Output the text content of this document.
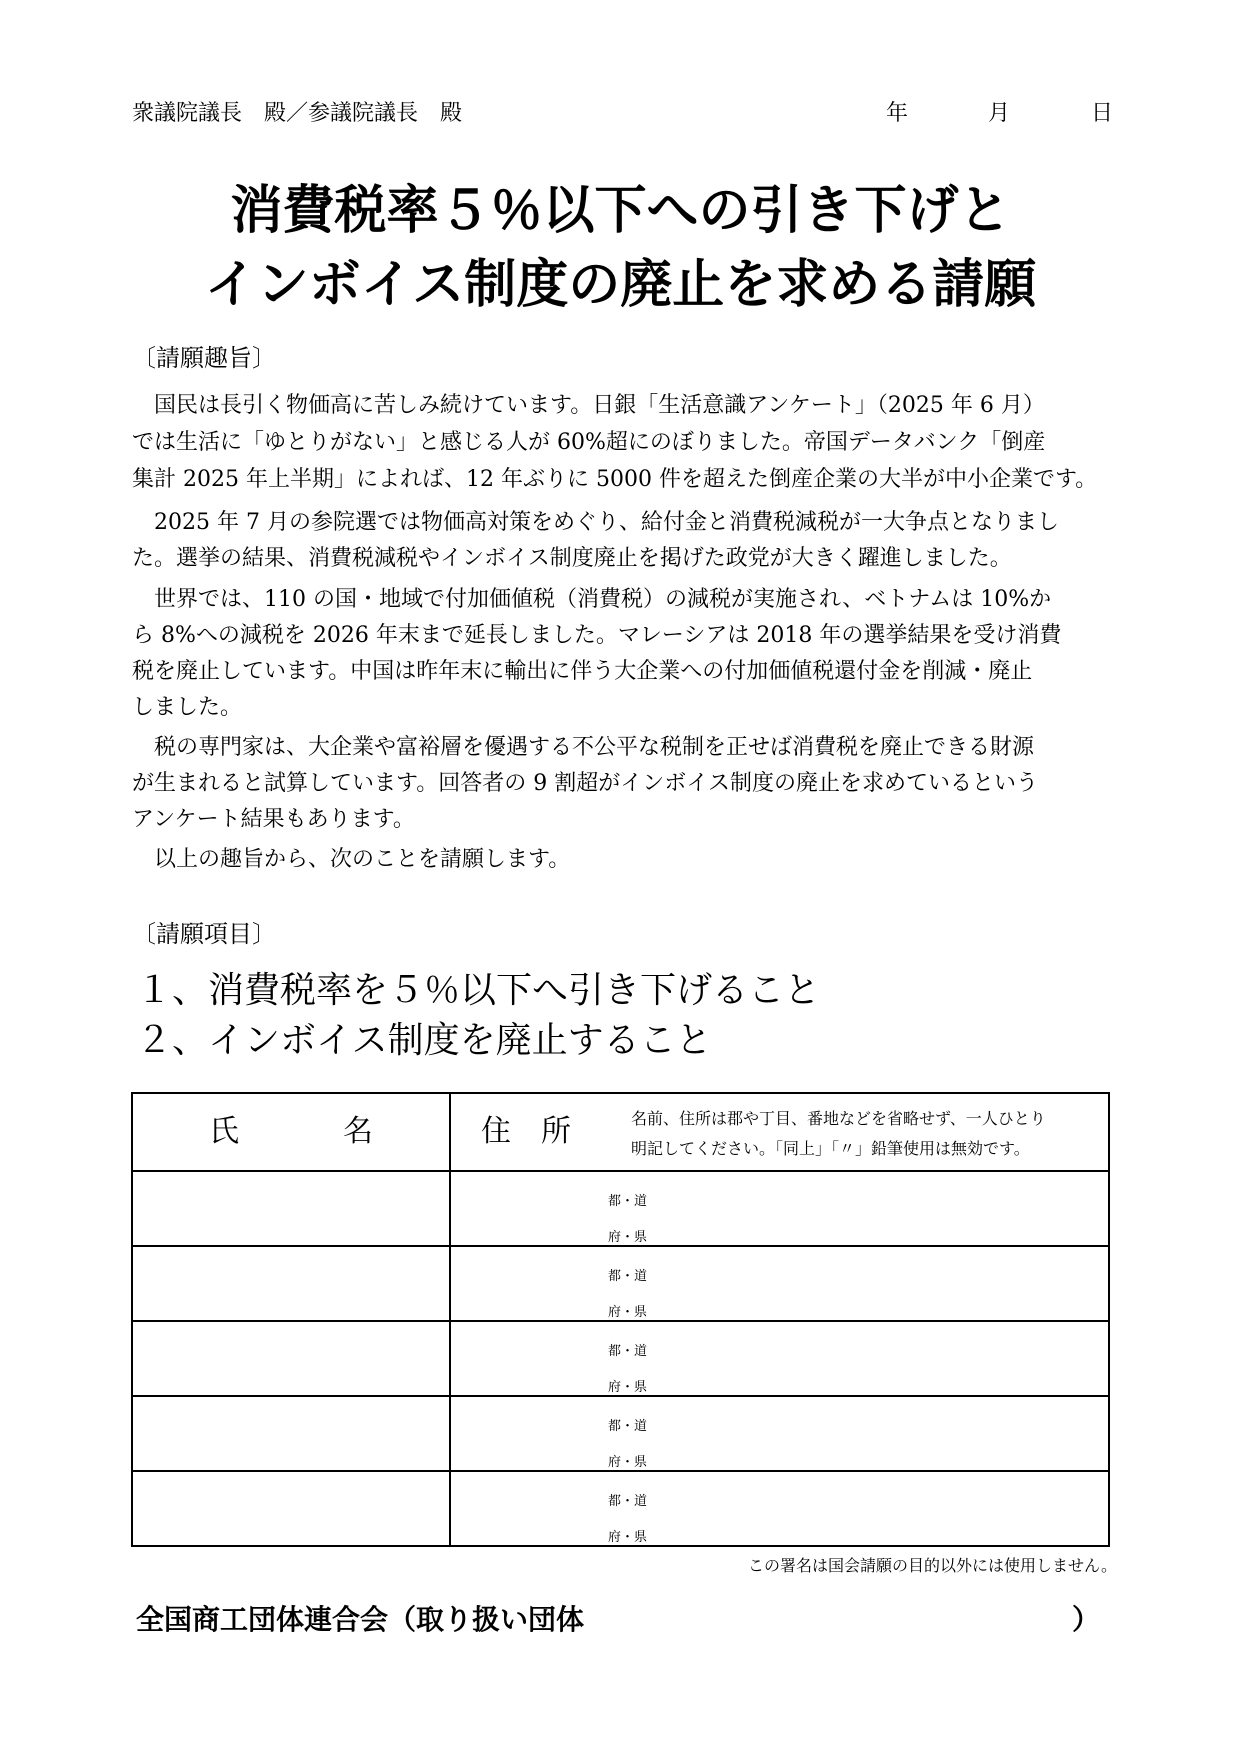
衆議院議長　殿／参議院議長　殿	年	月	日
消費税率５％以下への引き下げと
インボイス制度の廃止を求める請願
〔請願趣旨〕
　国民は長引く物価高に苦しみ続けています。日銀「生活意識アンケート」（2025 年 6 月）
では生活に「ゆとりがない」と感じる人が 60%超にのぼりました。帝国データバンク「倒産
集計 2025 年上半期」によれば、12 年ぶりに 5000 件を超えた倒産企業の大半が中小企業です。
　2025 年 7 月の参院選では物価高対策をめぐり、給付金と消費税減税が一大争点となりまし
た。選挙の結果、消費税減税やインボイス制度廃止を掲げた政党が大きく躍進しました。
　世界では、110 の国・地域で付加価値税（消費税）の減税が実施され、ベトナムは 10%か
ら 8%への減税を 2026 年末まで延長しました。マレーシアは 2018 年の選挙結果を受け消費
税を廃止しています。中国は昨年末に輸出に伴う大企業への付加価値税還付金を削減・廃止
しました。
　税の専門家は、大企業や富裕層を優遇する不公平な税制を正せば消費税を廃止できる財源
が生まれると試算しています。回答者の 9 割超がインボイス制度の廃止を求めているという
アンケート結果もあります。
　以上の趣旨から、次のことを請願します。
〔請願項目〕
１、消費税率を５％以下へ引き下げること
２、インボイス制度を廃止すること
氏 名	住 所 名前、住所は郡や丁目、番地などを省略せず、一人ひとり明記してください。「同上」「〃」鉛筆使用は無効です。

	都・道
府・県

	都・道
府・県

	都・道
府・県

	都・道
府・県

	都・道
府・県
この署名は国会請願の目的以外には使用しません。
全国商工団体連合会（取り扱い団体	）
